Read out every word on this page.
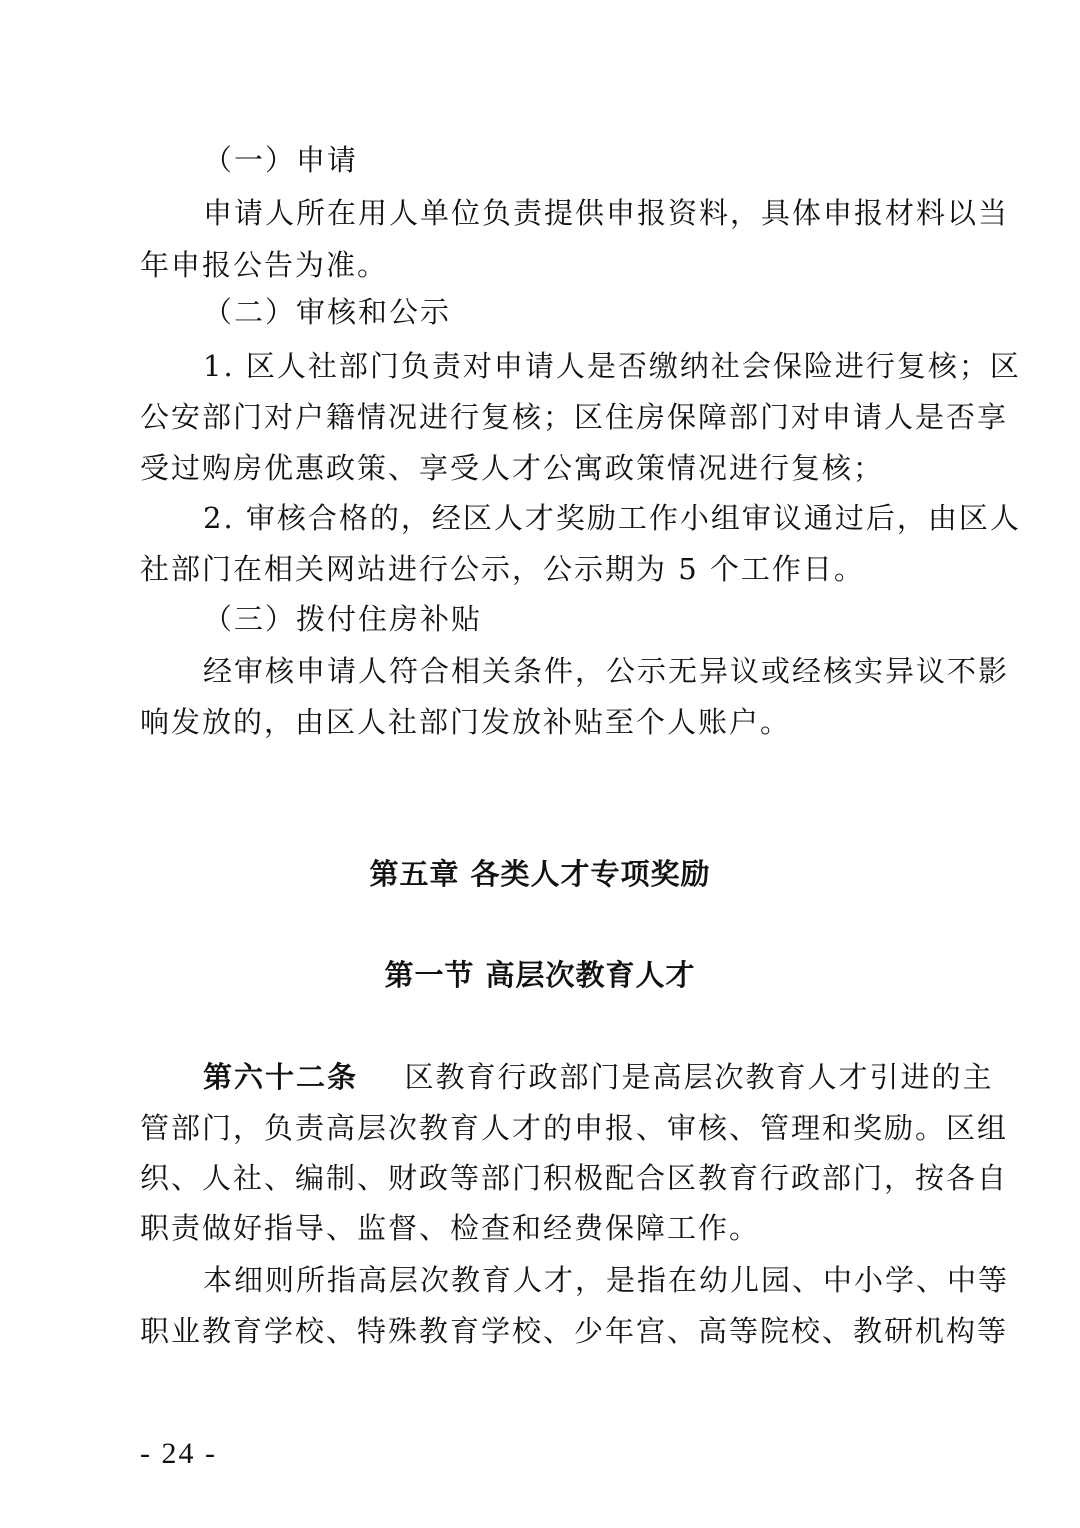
（一）申请
申请人所在用人单位负责提供申报资料，具体申报材料以当
年申报公告为准。
（二）审核和公示
1. 区人社部门负责对申请人是否缴纳社会保险进行复核；区
公安部门对户籍情况进行复核；区住房保障部门对申请人是否享
受过购房优惠政策、享受人才公寓政策情况进行复核；
2. 审核合格的，经区人才奖励工作小组审议通过后，由区人
社部门在相关网站进行公示，公示期为 5 个工作日。
（三）拨付住房补贴
经审核申请人符合相关条件，公示无异议或经核实异议不影
响发放的，由区人社部门发放补贴至个人账户。
第五章 各类人才专项奖励
第一节 高层次教育人才
第六十二条 区教育行政部门是高层次教育人才引进的主
管部门，负责高层次教育人才的申报、审核、管理和奖励。区组
织、人社、编制、财政等部门积极配合区教育行政部门，按各自
职责做好指导、监督、检查和经费保障工作。
本细则所指高层次教育人才，是指在幼儿园、中小学、中等
职业教育学校、特殊教育学校、少年宫、高等院校、教研机构等
- 24 -
